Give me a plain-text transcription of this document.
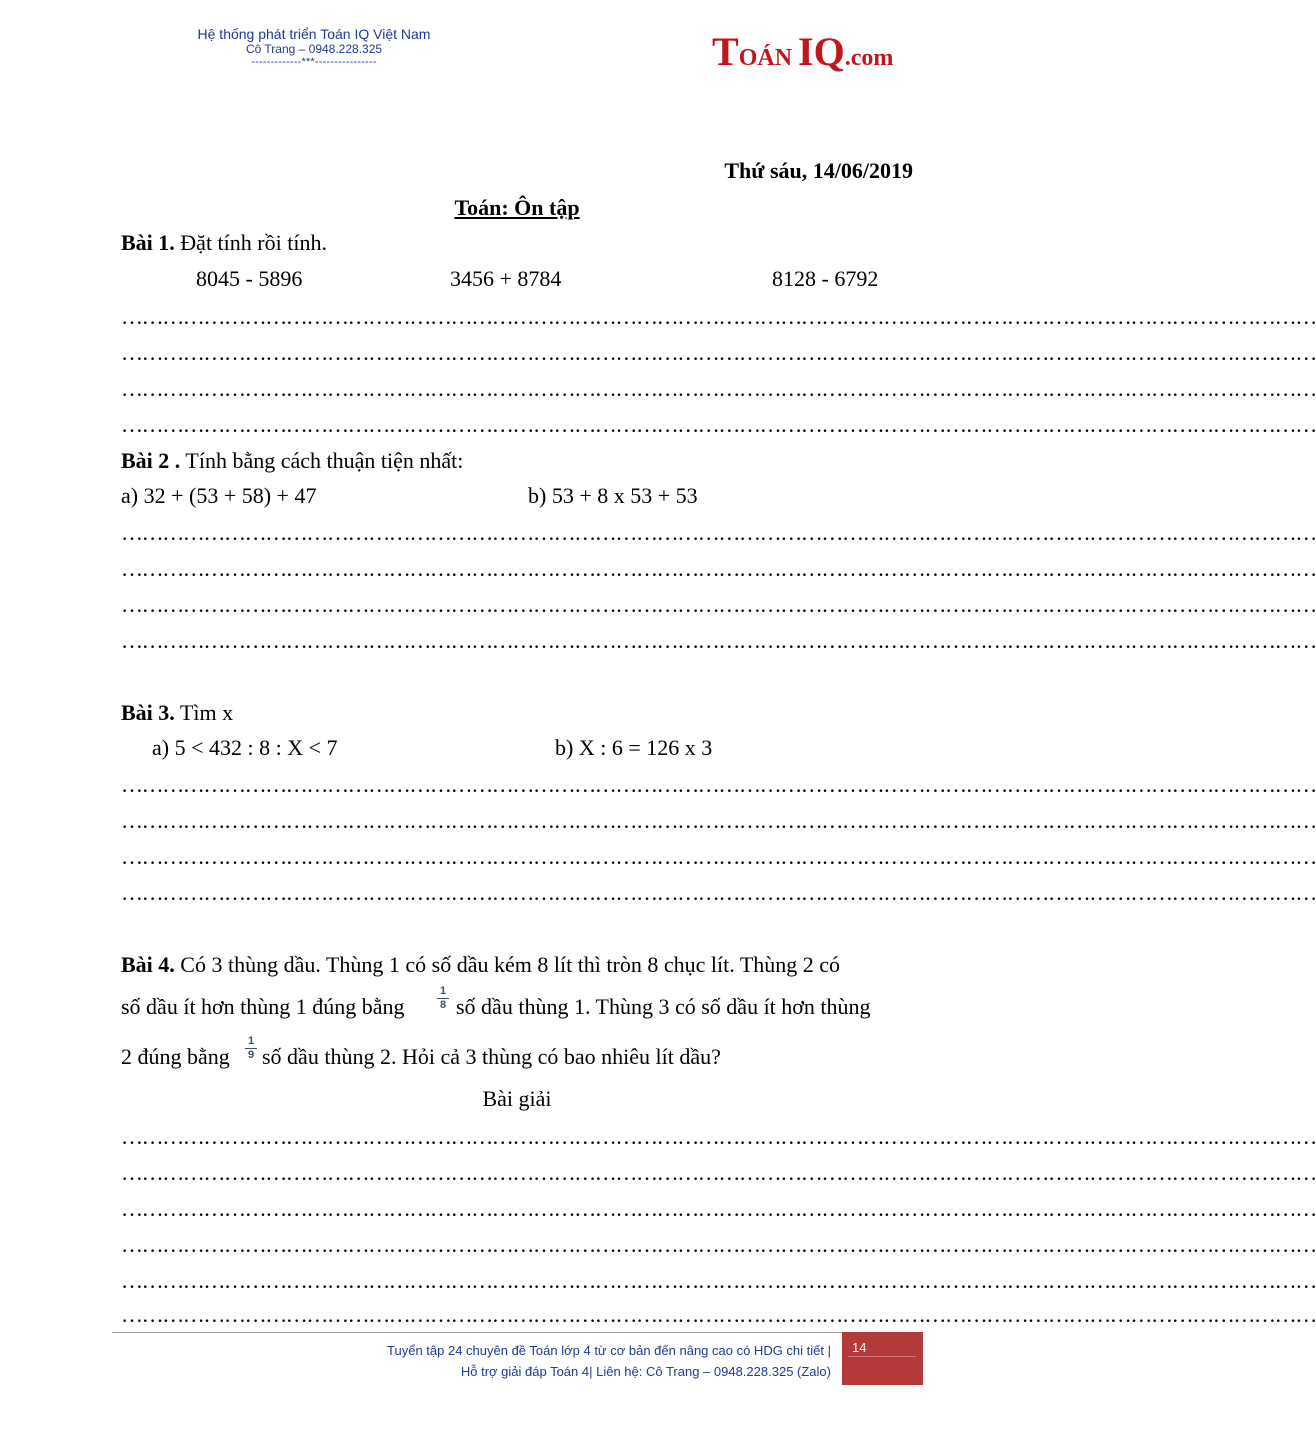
Hệ thống phát triển Toán IQ Việt Nam
Cô Trang – 0948.228.325
-------------***----------------	TOÁN IQ.com
Thứ sáu, 14/06/2019
Toán: Ôn tập
Bài 1. Đặt tính rồi tính.
8045 - 5896	3456 + 8784	8128 - 6792
…………………………………………………………………………………………………………………………………………………………
…………………………………………………………………………………………………………………………………………………………
…………………………………………………………………………………………………………………………………………………………
…………………………………………………………………………………………………………………………………………………………
Bài 2 . Tính bằng cách thuận tiện nhất:
a) 32 + (53 + 58) + 47	b) 53 + 8 x 53 + 53
…………………………………………………………………………………………………………………………………………………………
…………………………………………………………………………………………………………………………………………………………
…………………………………………………………………………………………………………………………………………………………
…………………………………………………………………………………………………………………………………………………………
Bài 3. Tìm x
a) 5 < 432 : 8 : X < 7	b) X : 6 = 126 x 3
…………………………………………………………………………………………………………………………………………………………
…………………………………………………………………………………………………………………………………………………………
…………………………………………………………………………………………………………………………………………………………
…………………………………………………………………………………………………………………………………………………………
Bài 4. Có 3 thùng dầu. Thùng 1 có số dầu kém 8 lít thì tròn 8 chục lít. Thùng 2 có
số dầu ít hơn thùng 1 đúng bằng
1
8 số dầu thùng 1. Thùng 3 có số dầu ít hơn thùng
2 đúng bằng
1
9 số dầu thùng 2. Hỏi cả 3 thùng có bao nhiêu lít dầu?
Bài giải
…………………………………………………………………………………………………………………………………………………………
…………………………………………………………………………………………………………………………………………………………
…………………………………………………………………………………………………………………………………………………………
…………………………………………………………………………………………………………………………………………………………
…………………………………………………………………………………………………………………………………………………………
…………………………………………………………………………………………………………………………………………………………
Tuyển tập 24 chuyên đề Toán lớp 4 từ cơ bản đến nâng cao có HDG chi tiết |
Hỗ trợ giải đáp Toán 4| Liên hệ: Cô Trang – 0948.228.325 (Zalo)
14
